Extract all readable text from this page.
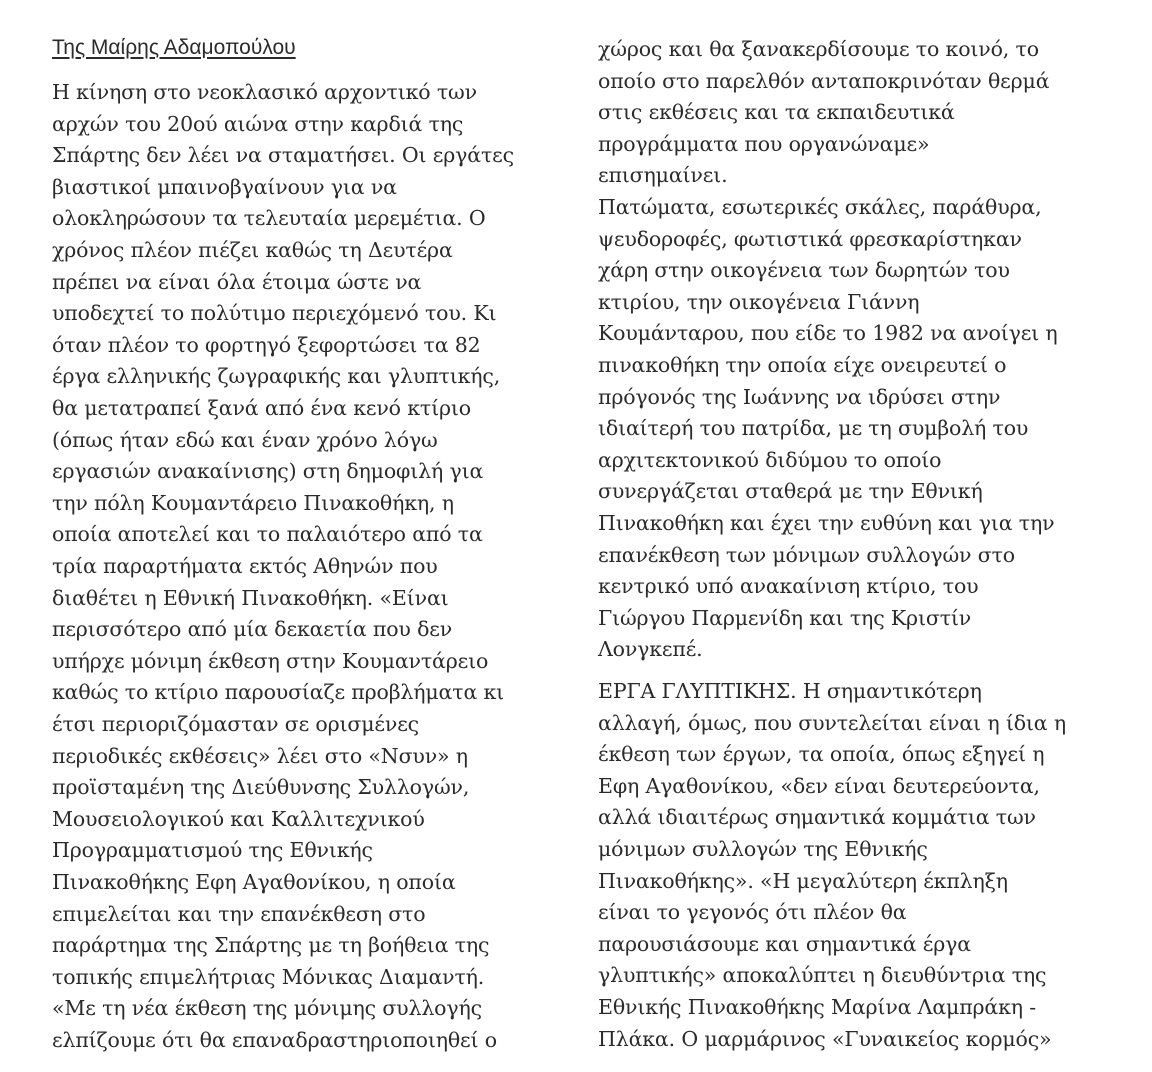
Της Μαίρης Αδαμοπούλου
Η κίνηση στο νεοκλασικό αρχοντικό των
αρχών του 20ού αιώνα στην καρδιά της
Σπάρτης δεν λέει να σταματήσει. Οι εργάτες
βιαστικοί μπαινοβγαίνουν για να
ολοκληρώσουν τα τελευταία μερεμέτια. Ο
χρόνος πλέον πιέζει καθώς τη Δευτέρα
πρέπει να είναι όλα έτοιμα ώστε να
υποδεχτεί το πολύτιμο περιεχόμενό του. Κι
όταν πλέον το φορτηγό ξεφορτώσει τα 82
έργα ελληνικής ζωγραφικής και γλυπτικής,
θα μετατραπεί ξανά από ένα κενό κτίριο
(όπως ήταν εδώ και έναν χρόνο λόγω
εργασιών ανακαίνισης) στη δημοφιλή για
την πόλη Κουμαντάρειο Πινακοθήκη, η
οποία αποτελεί και το παλαιότερο από τα
τρία παραρτήματα εκτός Αθηνών που
διαθέτει η Εθνική Πινακοθήκη. «Είναι
περισσότερο από μία δεκαετία που δεν
υπήρχε μόνιμη έκθεση στην Κουμαντάρειο
καθώς το κτίριο παρουσίαζε προβλήματα κι
έτσι περιοριζόμασταν σε ορισμένες
περιοδικές εκθέσεις» λέει στο «Νσυν» η
προϊσταμένη της Διεύθυνσης Συλλογών,
Μουσειολογικού και Καλλιτεχνικού
Προγραμματισμού της Εθνικής
Πινακοθήκης Εφη Αγαθονίκου, η οποία
επιμελείται και την επανέκθεση στο
παράρτημα της Σπάρτης με τη βοήθεια της
τοπικής επιμελήτριας Μόνικας Διαμαντή.
«Με τη νέα έκθεση της μόνιμης συλλογής
ελπίζουμε ότι θα επαναδραστηριοποιηθεί ο
χώρος και θα ξανακερδίσουμε το κοινό, το
οποίο στο παρελθόν ανταποκρινόταν θερμά
στις εκθέσεις και τα εκπαιδευτικά
προγράμματα που οργανώναμε»
επισημαίνει.
Πατώματα, εσωτερικές σκάλες, παράθυρα,
ψευδοροφές, φωτιστικά φρεσκαρίστηκαν
χάρη στην οικογένεια των δωρητών του
κτιρίου, την οικογένεια Γιάννη
Κουμάνταρου, που είδε το 1982 να ανοίγει η
πινακοθήκη την οποία είχε ονειρευτεί ο
πρόγονός της Ιωάννης να ιδρύσει στην
ιδιαίτερή του πατρίδα, με τη συμβολή του
αρχιτεκτονικού διδύμου το οποίο
συνεργάζεται σταθερά με την Εθνική
Πινακοθήκη και έχει την ευθύνη και για την
επανέκθεση των μόνιμων συλλογών στο
κεντρικό υπό ανακαίνιση κτίριο, του
Γιώργου Παρμενίδη και της Κριστίν
Λονγκεπέ.
ΕΡΓΑ ΓΛΥΠΤΙΚΗΣ. Η σημαντικότερη
αλλαγή, όμως, που συντελείται είναι η ίδια η
έκθεση των έργων, τα οποία, όπως εξηγεί η
Εφη Αγαθονίκου, «δεν είναι δευτερεύοντα,
αλλά ιδιαιτέρως σημαντικά κομμάτια των
μόνιμων συλλογών της Εθνικής
Πινακοθήκης». «Η μεγαλύτερη έκπληξη
είναι το γεγονός ότι πλέον θα
παρουσιάσουμε και σημαντικά έργα
γλυπτικής» αποκαλύπτει η διευθύντρια της
Εθνικής Πινακοθήκης Μαρίνα Λαμπράκη -
Πλάκα. Ο μαρμάρινος «Γυναικείος κορμός»
